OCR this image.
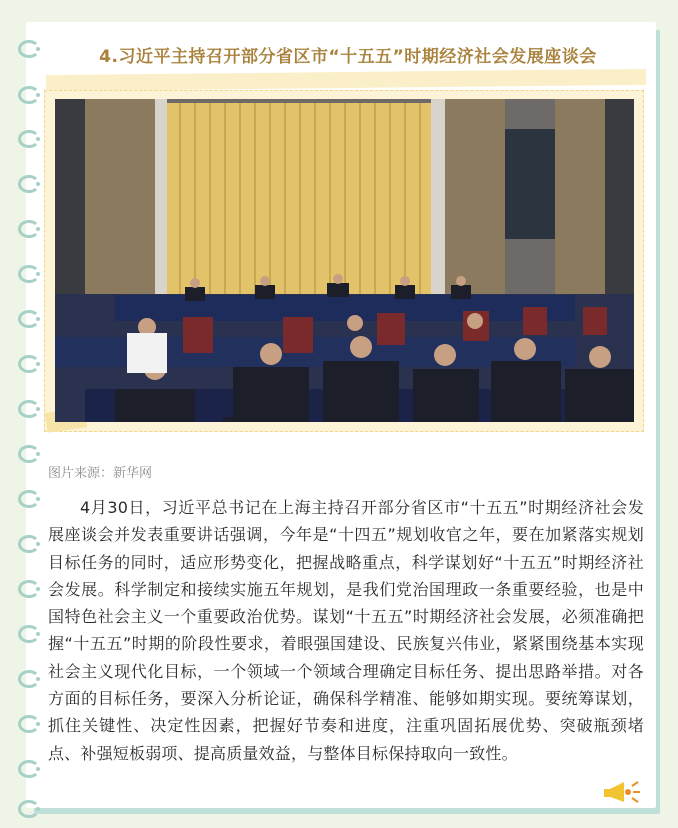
4.习近平主持召开部分省区市“十五五”时期经济社会发展座谈会
图片来源：新华网

4月30日，习近平总书记在上海主持召开部分省区市“十五五”时期经济社会发展座谈会并发表重要讲话强调，今年是“十四五”规划收官之年，要在加紧落实规划目标任务的同时，适应形势变化，把握战略重点，科学谋划好“十五五”时期经济社会发展。科学制定和接续实施五年规划，是我们党治国理政一条重要经验，也是中国特色社会主义一个重要政治优势。谋划“十五五”时期经济社会发展，必须准确把握“十五五”时期的阶段性要求，着眼强国建设、民族复兴伟业，紧紧围绕基本实现社会主义现代化目标，一个领域一个领域合理确定目标任务、提出思路举措。对各方面的目标任务，要深入分析论证，确保科学精准、能够如期实现。要统筹谋划，抓住关键性、决定性因素，把握好节奏和进度，注重巩固拓展优势、突破瓶颈堵点、补强短板弱项、提高质量效益，与整体目标保持取向一致性。
